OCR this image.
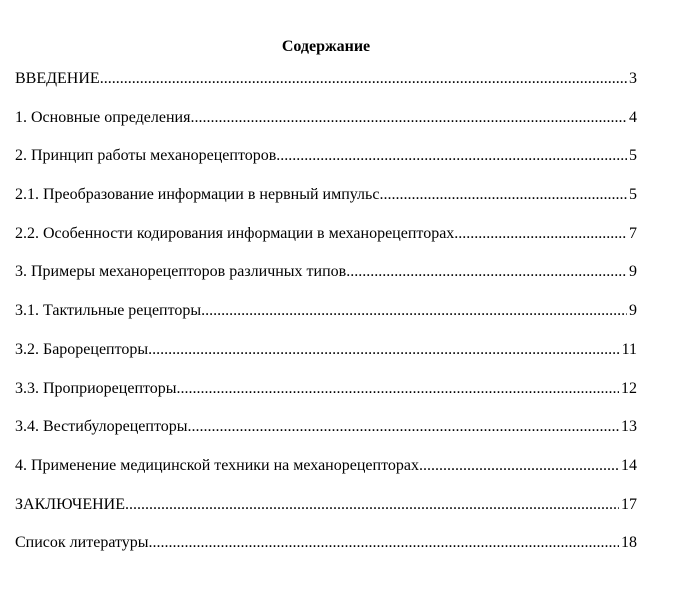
Содержание
ВВЕДЕНИЕ .....	3
1. Основные определения .....	4
2. Принцип работы механорецепторов .....	5
2.1. Преобразование информации в нервный импульс .....	5
2.2. Особенности кодирования информации в механорецепторах .....	7
3. Примеры механорецепторов различных типов .....	9
3.1. Тактильные рецепторы .....	9
3.2. Барорецепторы .....	11
3.3. Проприорецепторы .....	12
3.4. Вестибулорецепторы .....	13
4. Применение медицинской техники на механорецепторах .....	14
ЗАКЛЮЧЕНИЕ .....	17
Список литературы .....	18
